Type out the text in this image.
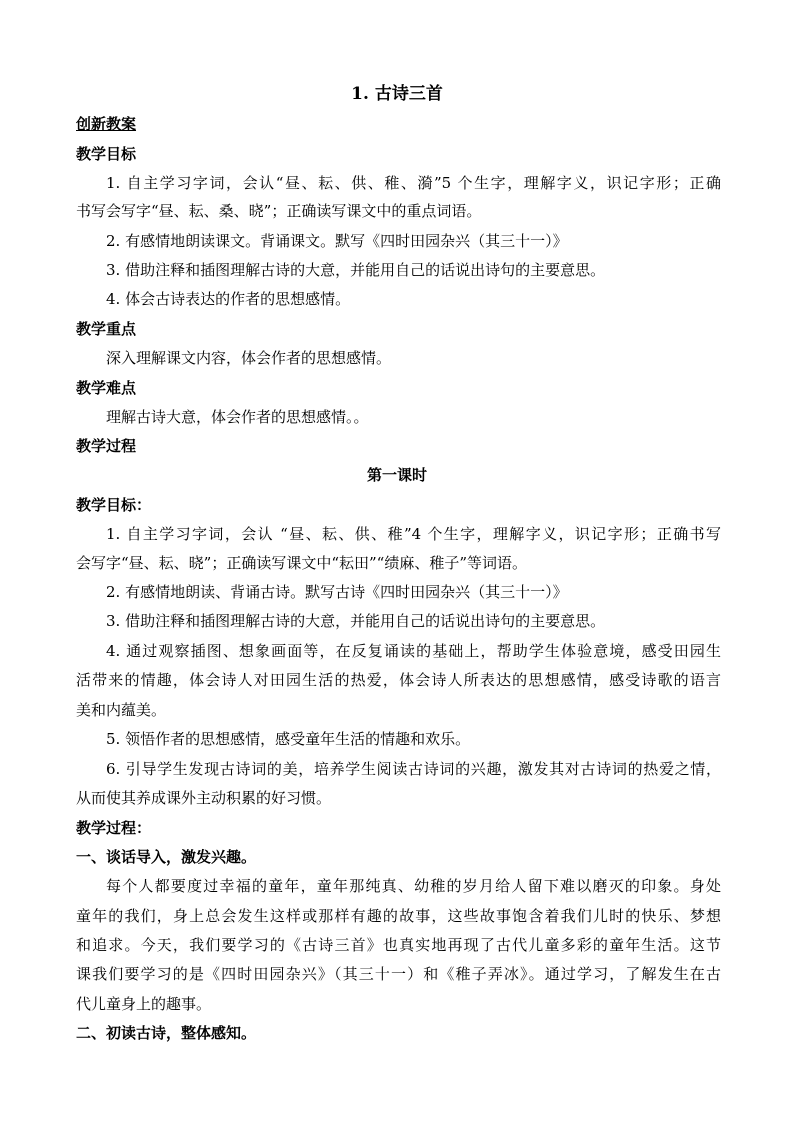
1. 古诗三首
创新教案
教学目标
1. 自主学习字词，会认“昼、耘、供、稚、漪”5 个生字，理解字义，识记字形；正确
书写会写字“昼、耘、桑、晓”；正确读写课文中的重点词语。
2. 有感情地朗读课文。背诵课文。默写《四时田园杂兴（其三十一）》
3. 借助注释和插图理解古诗的大意，并能用自己的话说出诗句的主要意思。
4. 体会古诗表达的作者的思想感情。
教学重点
深入理解课文内容，体会作者的思想感情。
教学难点
理解古诗大意，体会作者的思想感情。。
教学过程
第一课时
教学目标：
1. 自主学习字词，会认 “昼、耘、供、稚”4 个生字，理解字义，识记字形；正确书写
会写字“昼、耘、晓”；正确读写课文中“耘田”“绩麻、稚子”等词语。
2. 有感情地朗读、背诵古诗。默写古诗《四时田园杂兴（其三十一）》
3. 借助注释和插图理解古诗的大意，并能用自己的话说出诗句的主要意思。
4. 通过观察插图、想象画面等，在反复诵读的基础上，帮助学生体验意境，感受田园生
活带来的情趣，体会诗人对田园生活的热爱，体会诗人所表达的思想感情，感受诗歌的语言
美和内蕴美。
5. 领悟作者的思想感情，感受童年生活的情趣和欢乐。
6. 引导学生发现古诗词的美，培养学生阅读古诗词的兴趣，激发其对古诗词的热爱之情，
从而使其养成课外主动积累的好习惯。
教学过程：
一、谈话导入，激发兴趣。
每个人都要度过幸福的童年，童年那纯真、幼稚的岁月给人留下难以磨灭的印象。身处
童年的我们，身上总会发生这样或那样有趣的故事，这些故事饱含着我们儿时的快乐、梦想
和追求。今天，我们要学习的《古诗三首》也真实地再现了古代儿童多彩的童年生活。这节
课我们要学习的是《四时田园杂兴》（其三十一）和《稚子弄冰》。通过学习，了解发生在古
代儿童身上的趣事。
二、初读古诗，整体感知。
